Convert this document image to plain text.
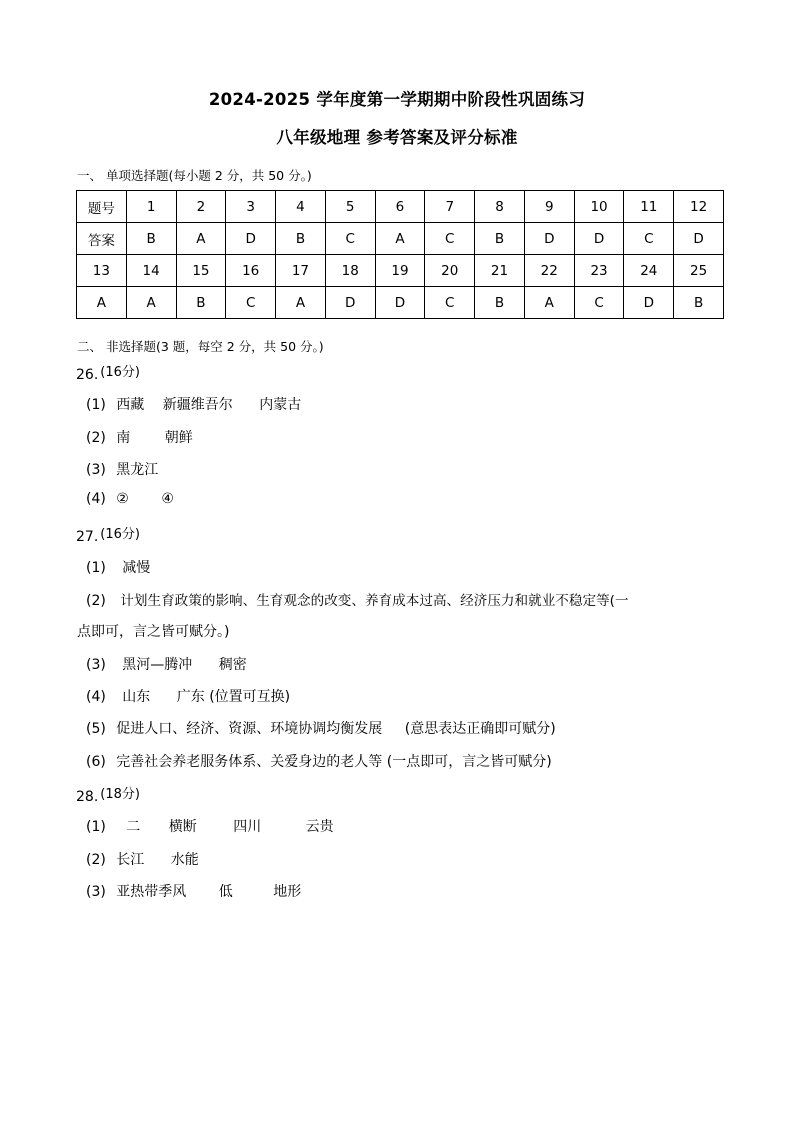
2024-2025 学年度第一学期期中阶段性巩固练习
八年级地理 参考答案及评分标准
一、 单项选择题(每小题 2 分，共 50 分。)
题号	1	2	3	4	5	6	7	8	9	10	11	12
答案	B	A	D	B	C	A	C	B	D	D	C	D
13	14	15	16	17	18	19	20	21	22	23	24	25
A	A	B	C	A	D	D	C	B	A	C	D	B
二、 非选择题(3 题，每空 2 分，共 50 分。)
26. (16分)
(1) 西藏 新疆维吾尔 内蒙古
(2) 南 朝鲜
(3) 黑龙江
(4) ② ④
27. (16分)
(1) 减慢
(2) 计划生育政策的影响、生育观念的改变、养育成本过高、经济压力和就业不稳定等(一
点即可，言之皆可赋分。)
(3) 黑河—腾冲 稠密
(4) 山东 广东 (位置可互换)
(5) 促进人口、经济、资源、环境协调均衡发展 (意思表达正确即可赋分)
(6) 完善社会养老服务体系、关爱身边的老人等 (一点即可，言之皆可赋分)
28. (18分)
(1) 二 横断	四川	云贵
(2) 长江 水能
(3) 亚热带季风 低	地形
